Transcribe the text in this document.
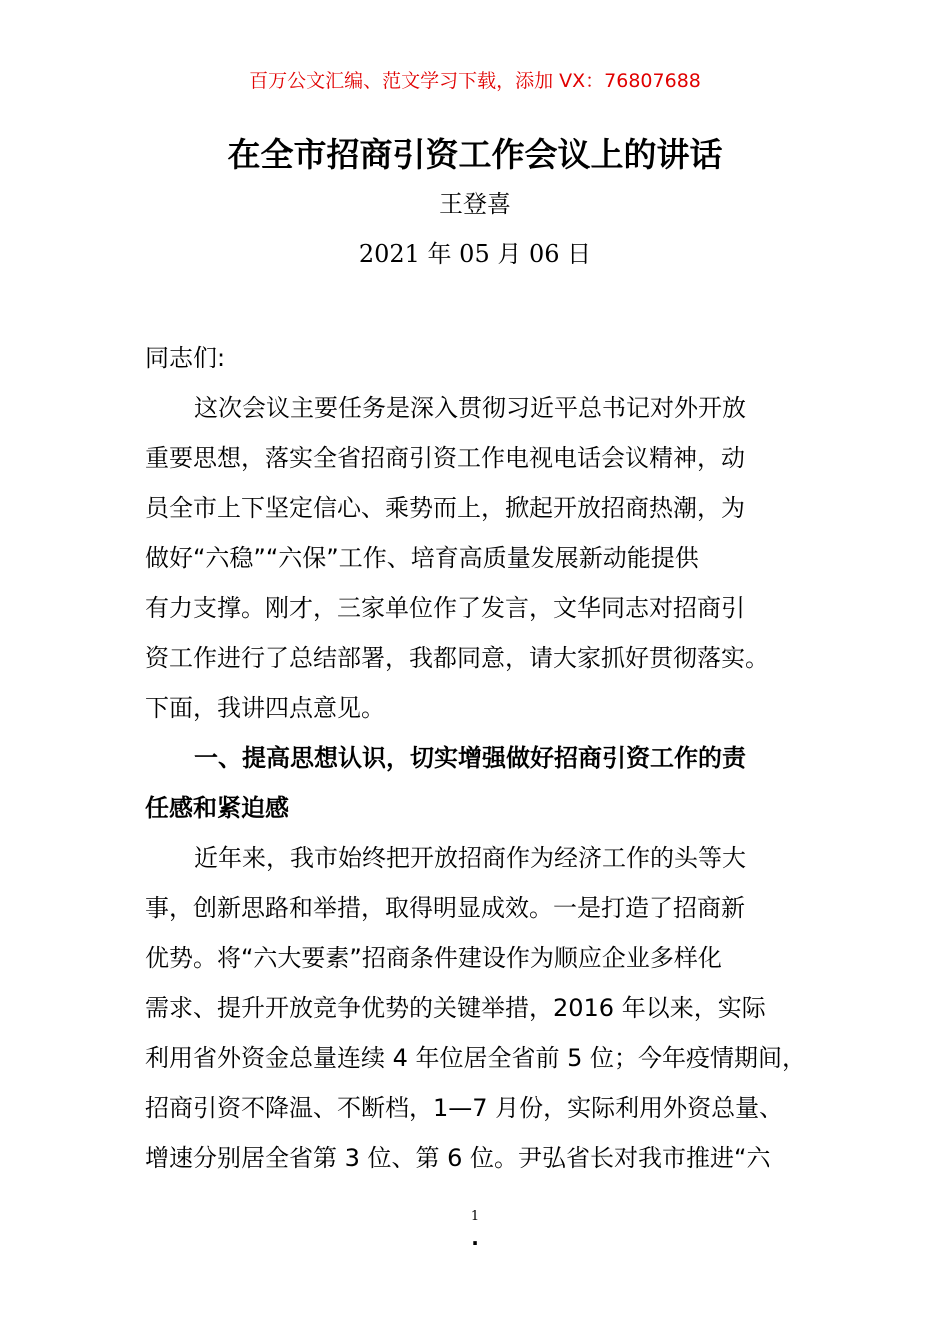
百万公文汇编、范文学习下载，添加 VX：76807688
在全市招商引资工作会议上的讲话
王登喜
2021 年 05 月 06 日
同志们:
这次会议主要任务是深入贯彻习近平总书记对外开放
重要思想，落实全省招商引资工作电视电话会议精神，动
员全市上下坚定信心、乘势而上，掀起开放招商热潮，为
做好“六稳”“六保”工作、培育高质量发展新动能提供
有力支撑。刚才，三家单位作了发言，文华同志对招商引
资工作进行了总结部署，我都同意，请大家抓好贯彻落实。
下面，我讲四点意见。
一、提高思想认识，切实增强做好招商引资工作的责
任感和紧迫感
近年来，我市始终把开放招商作为经济工作的头等大
事，创新思路和举措，取得明显成效。一是打造了招商新
优势。将“六大要素”招商条件建设作为顺应企业多样化
需求、提升开放竞争优势的关键举措，2016 年以来，实际
利用省外资金总量连续 4 年位居全省前 5 位；今年疫情期间，
招商引资不降温、不断档，1—7 月份，实际利用外资总量、
增速分别居全省第 3 位、第 6 位。尹弘省长对我市推进“六
1
.
